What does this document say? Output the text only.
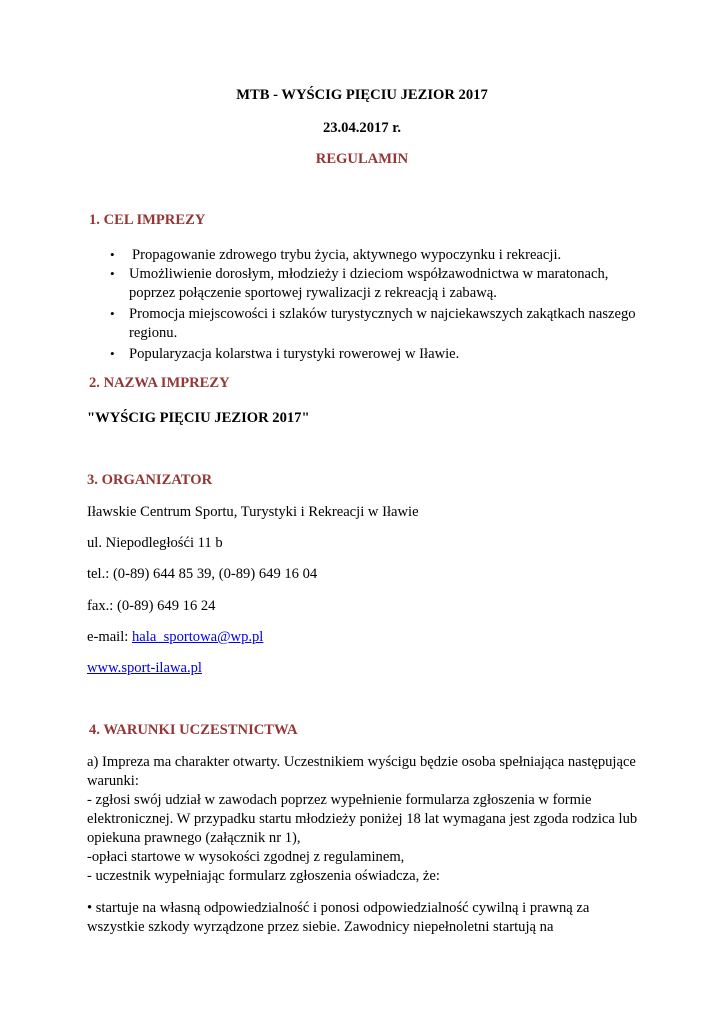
MTB - WYŚCIG PIĘCIU JEZIOR 2017
23.04.2017 r.
REGULAMIN
1. CEL IMPREZY
• Propagowanie zdrowego trybu życia, aktywnego wypoczynku i rekreacji.
• Umożliwienie dorosłym, młodzieży i dzieciom współzawodnictwa w maratonach,
poprzez połączenie sportowej rywalizacji z rekreacją i zabawą.
• Promocja miejscowości i szlaków turystycznych w najciekawszych zakątkach naszego
regionu.
• Popularyzacja kolarstwa i turystyki rowerowej w Iławie.
2. NAZWA IMPREZY
"WYŚCIG PIĘCIU JEZIOR 2017"
3. ORGANIZATOR
Iławskie Centrum Sportu, Turystyki i Rekreacji w Iławie
ul. Niepodległośći 11 b
tel.: (0-89) 644 85 39, (0-89) 649 16 04
fax.: (0-89) 649 16 24
e-mail: hala_sportowa@wp.pl
www.sport-ilawa.pl
4. WARUNKI UCZESTNICTWA
a) Impreza ma charakter otwarty. Uczestnikiem wyścigu będzie osoba spełniająca następujące
warunki:
- zgłosi swój udział w zawodach poprzez wypełnienie formularza zgłoszenia w formie
elektronicznej. W przypadku startu młodzieży poniżej 18 lat wymagana jest zgoda rodzica lub
opiekuna prawnego (załącznik nr 1),
-opłaci startowe w wysokości zgodnej z regulaminem,
- uczestnik wypełniając formularz zgłoszenia oświadcza, że:
• startuje na własną odpowiedzialność i ponosi odpowiedzialność cywilną i prawną za
wszystkie szkody wyrządzone przez siebie. Zawodnicy niepełnoletni startują na
